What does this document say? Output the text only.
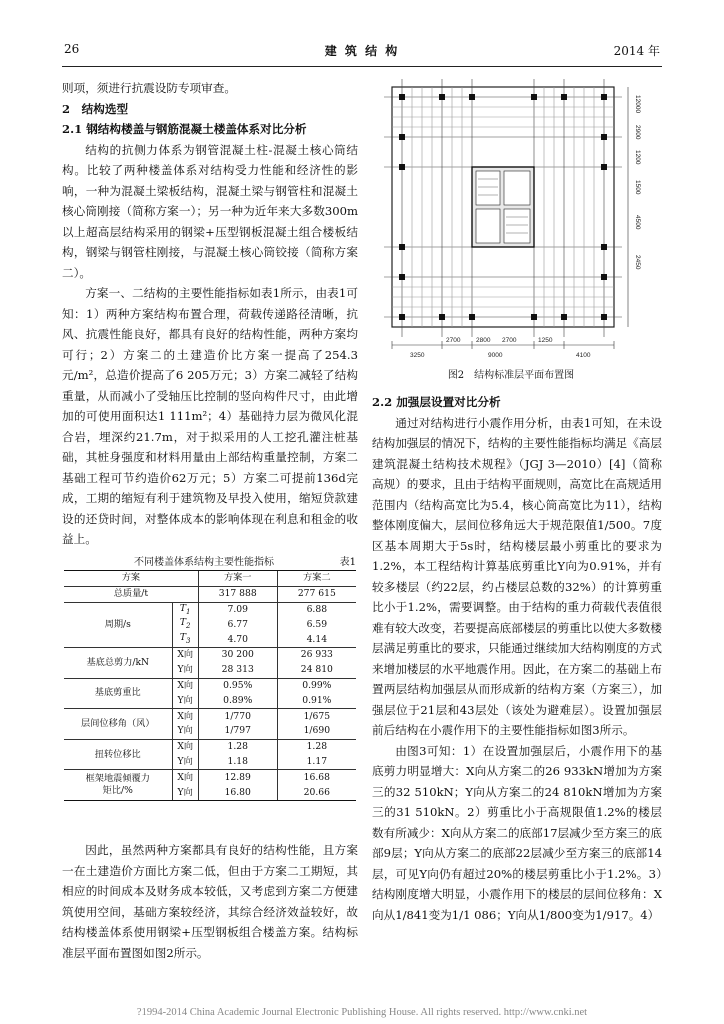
26	建 筑 结 构	2014 年

则项，须进行抗震设防专项审查。

2　结构选型

2.1 钢结构楼盖与钢筋混凝土楼盖体系对比分析

结构的抗侧力体系为钢管混凝土柱-混凝土核心筒结构。比较了两种楼盖体系对结构受力性能和经济性的影响，一种为混凝土梁板结构，混凝土梁与钢管柱和混凝土核心筒刚接（简称方案一）；另一种为近年来大多数300m以上超高层结构采用的钢梁+压型钢板混凝土组合楼板结构，钢梁与钢管柱刚接，与混凝土核心筒铰接（简称方案二）。

方案一、二结构的主要性能指标如表1所示，由表1可知：1）两种方案结构布置合理，荷载传递路径清晰，抗风、抗震性能良好，都具有良好的结构性能，两种方案均可行；2）方案二的土建造价比方案一提高了254.3元/m²，总造价提高了6 205万元；3）方案二减轻了结构重量，从而减小了受轴压比控制的竖向构件尺寸，由此增加的可使用面积达1 111m²；4）基础持力层为微风化混合岩，埋深约21.7m，对于拟采用的人工挖孔灌注桩基础，其桩身强度和材料用量由上部结构重量控制，方案二基础工程可节约造价62万元；5）方案二可提前136d完成，工期的缩短有利于建筑物及早投入使用，缩短贷款建设的还贷时间，对整体成本的影响体现在利息和租金的收益上。

不同楼盖体系结构主要性能指标	表1
方案		方案一	方案二
总质量/t		317 888	277 615
周期/s	$T_1$	7.09	6.88
	$T_2$	6.77	6.59
	$T_3$	4.70	4.14
基底总剪力/kN	X向	30 200	26 933
	Y向	28 313	24 810
基底剪重比	X向	0.95%	0.99%
	Y向	0.89%	0.91%
层间位移角（风）	X向	1/770	1/675
	Y向	1/797	1/690
扭转位移比	X向	1.28	1.28
	Y向	1.18	1.17

框架地震倾覆力
矩比/%	X向	12.89	16.68
	Y向	16.80	20.66

因此，虽然两种方案都具有良好的结构性能，且方案一在土建造价方面比方案二低，但由于方案二工期短，其相应的时间成本及财务成本较低，又考虑到方案二方便建筑使用空间，基础方案较经济，其综合经济效益较好，故结构楼盖体系使用钢梁+压型钢板组合楼盖方案。结构标准层平面布置图如图2所示。

2700 2800 2700	1250
9000
3250	4100
12000
2900
1200
1500
4500
2450
图2　结构标准层平面布置图

2.2 加强层设置对比分析

通过对结构进行小震作用分析，由表1可知，在未设结构加强层的情况下，结构的主要性能指标均满足《高层建筑混凝土结构技术规程》（JGJ 3—2010）[4]（简称高规）的要求，且由于结构平面规则，高宽比在高规适用范围内（结构高宽比为5.4，核心筒高宽比为11），结构整体刚度偏大，层间位移角远大于规范限值1/500。7度区基本周期大于5s时，结构楼层最小剪重比的要求为1.2%，本工程结构计算基底剪重比Y向为0.91%，并有较多楼层（约22层，约占楼层总数的32%）的计算剪重比小于1.2%，需要调整。由于结构的重力荷载代表值很难有较大改变，若要提高底部楼层的剪重比以使大多数楼层满足剪重比的要求，只能通过继续加大结构刚度的方式来增加楼层的水平地震作用。因此，在方案二的基础上布置两层结构加强层从而形成新的结构方案（方案三），加强层位于21层和43层处（该处为避难层）。设置加强层前后结构在小震作用下的主要性能指标如图3所示。

由图3可知：1）在设置加强层后，小震作用下的基底剪力明显增大：X向从方案二的26 933kN增加为方案三的32 510kN；Y向从方案二的24 810kN增加为方案三的31 510kN。2）剪重比小于高规限值1.2%的楼层数有所减少：X向从方案二的底部17层减少至方案三的底部9层；Y向从方案二的底部22层减少至方案三的底部14层，可见Y向仍有超过20%的楼层剪重比小于1.2%。3）结构刚度增大明显，小震作用下的楼层的层间位移角：X向从1/841变为1/1 086；Y向从1/800变为1/917。4）

?1994-2014 China Academic Journal Electronic Publishing House. All rights reserved. http://www.cnki.net
